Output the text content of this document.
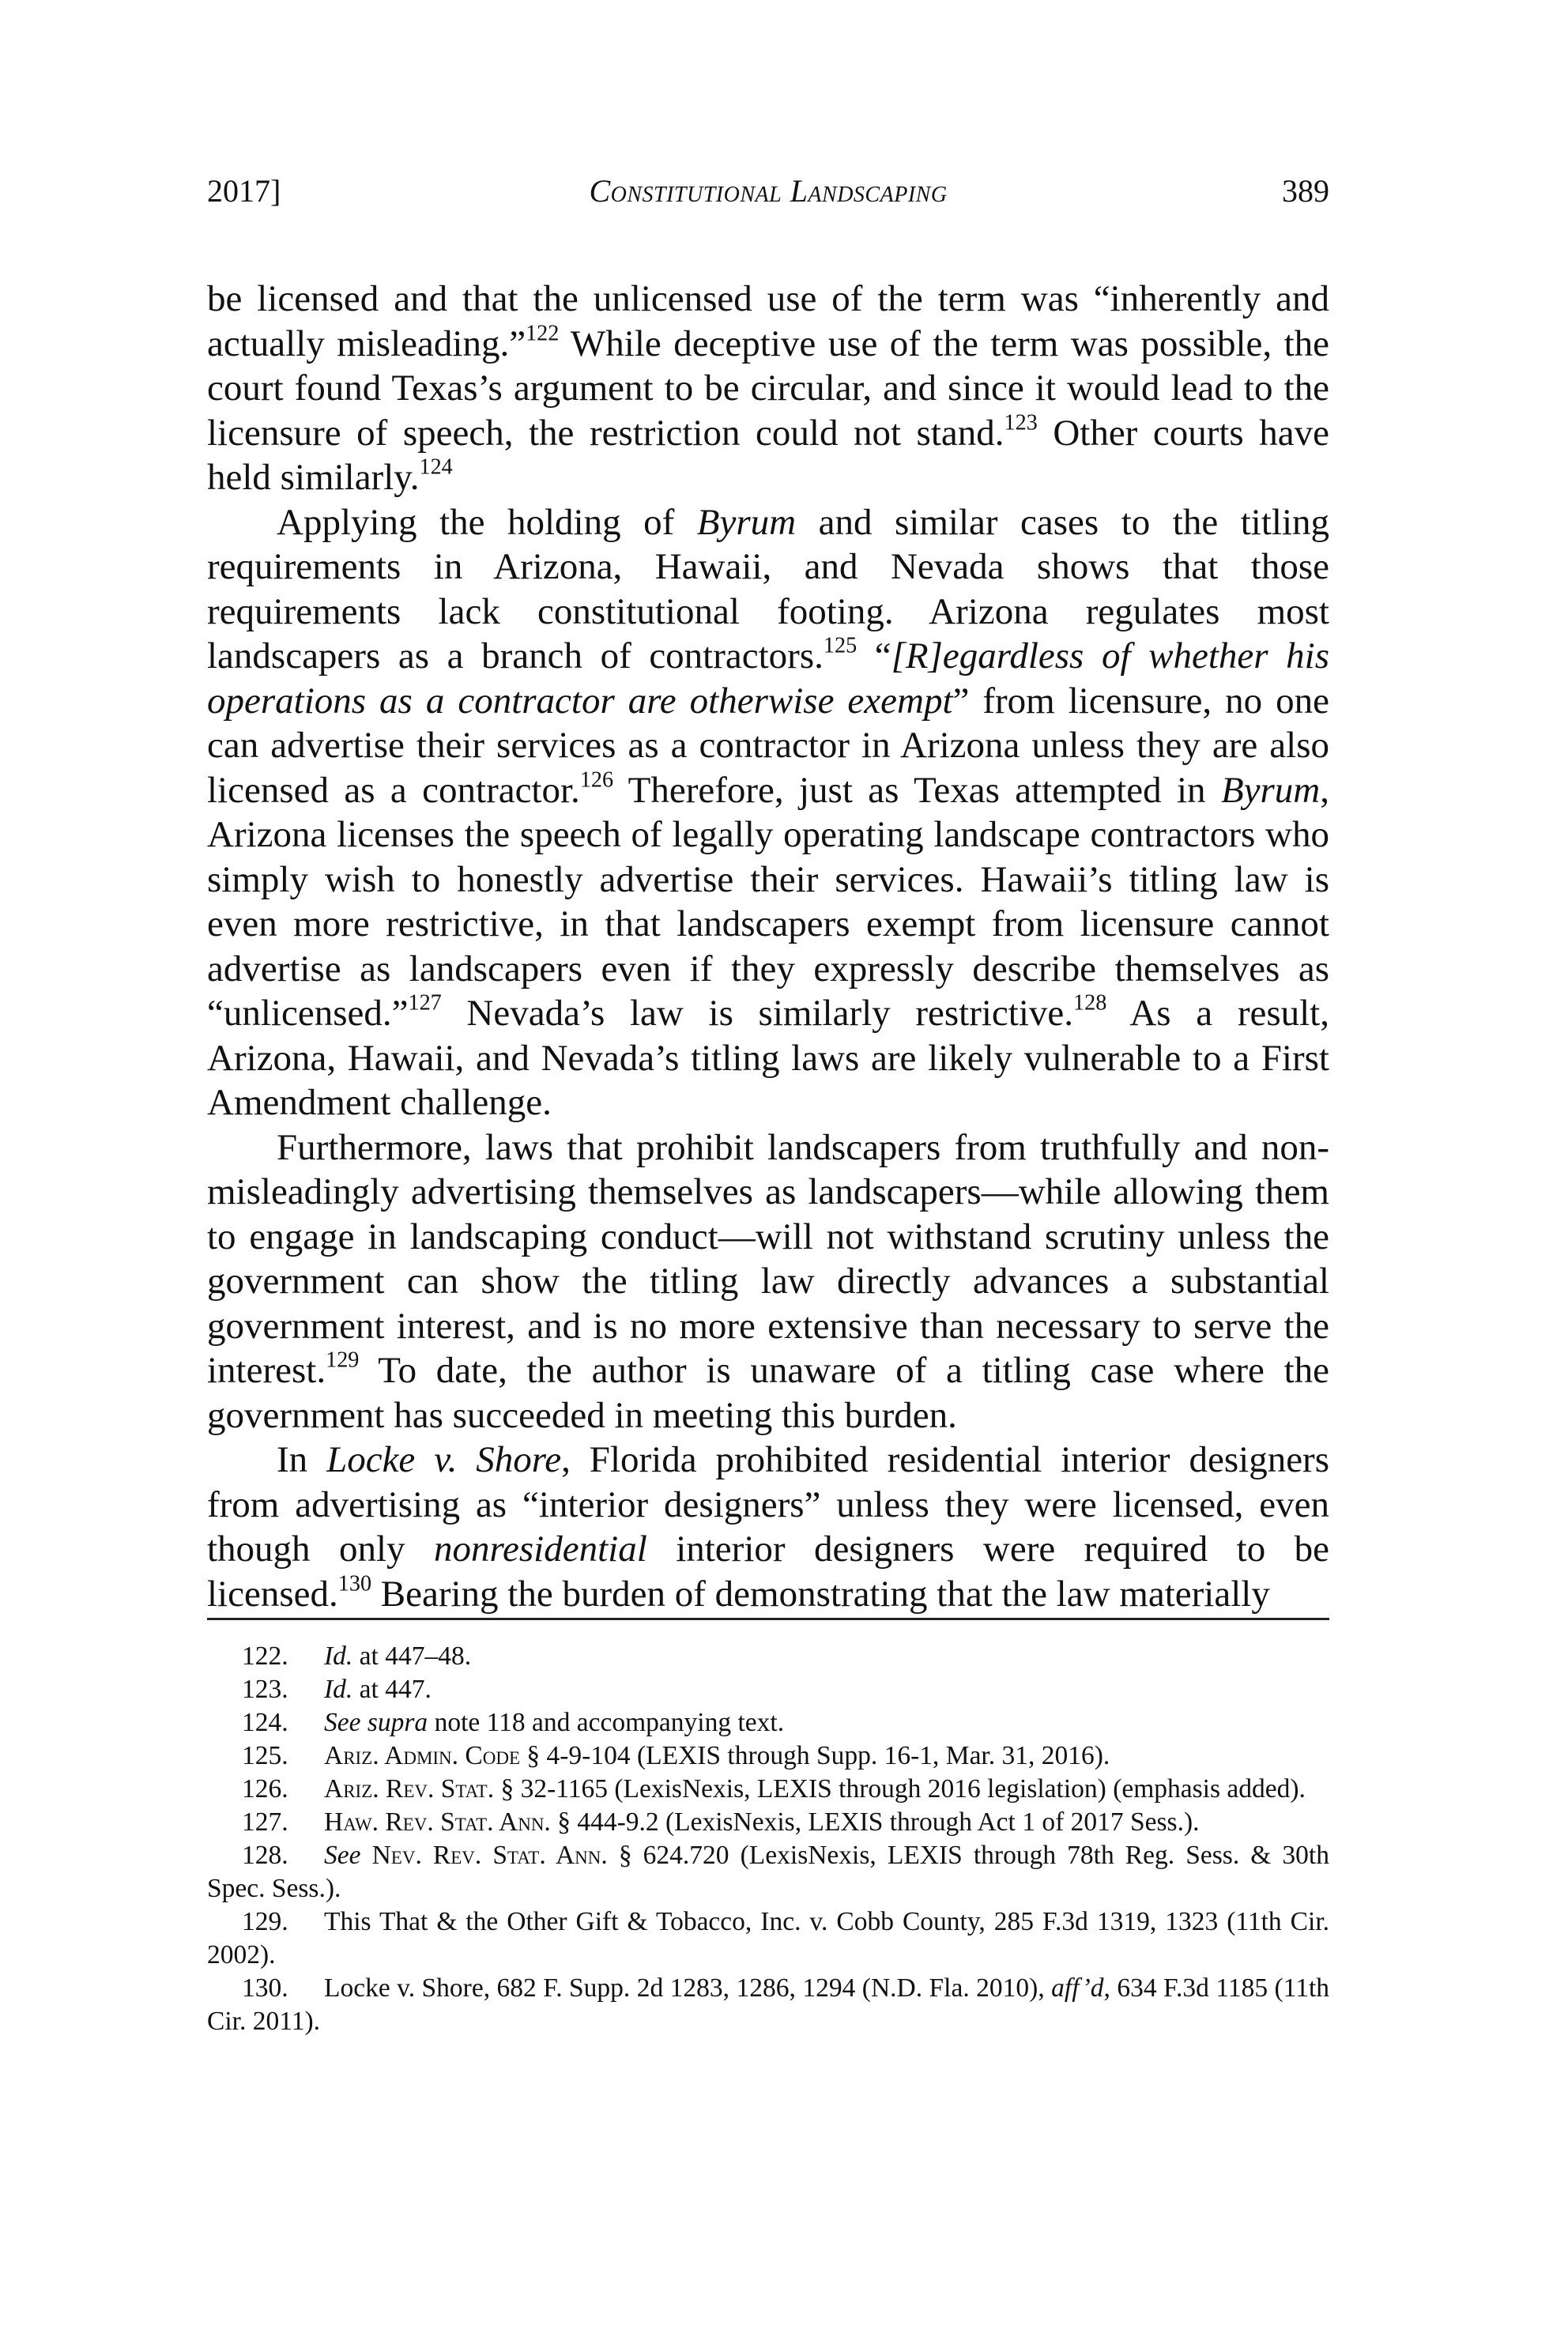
2017]	Constitutional Landscaping	389

be licensed and that the unlicensed use of the term was “inherently and actually misleading.”$^{122}$ While deceptive use of the term was possible, the court found Texas’s argument to be circular, and since it would lead to the licensure of speech, the restriction could not stand.$^{123}$ Other courts have held similarly.$^{124}$

Applying the holding of Byrum and similar cases to the titling requirements in Arizona, Hawaii, and Nevada shows that those requirements lack constitutional footing. Arizona regulates most landscapers as a branch of contractors.$^{125}$ “[R]egardless of whether his operations as a contractor are otherwise exempt” from licensure, no one can advertise their services as a contractor in Arizona unless they are also licensed as a contractor.$^{126}$ Therefore, just as Texas attempted in Byrum, Arizona licenses the speech of legally operating landscape contractors who simply wish to honestly advertise their services. Hawaii’s titling law is even more restrictive, in that landscapers exempt from licensure cannot advertise as landscapers even if they expressly describe themselves as “unlicensed.”$^{127}$ Nevada’s law is similarly restrictive.$^{128}$ As a result, Arizona, Hawaii, and Nevada’s titling laws are likely vulnerable to a First Amendment challenge.

Furthermore, laws that prohibit landscapers from truthfully and non-misleadingly advertising themselves as landscapers—while allowing them to engage in landscaping conduct—will not withstand scrutiny unless the government can show the titling law directly advances a substantial government interest, and is no more extensive than necessary to serve the interest.$^{129}$ To date, the author is unaware of a titling case where the government has succeeded in meeting this burden.

In Locke v. Shore, Florida prohibited residential interior designers from advertising as “interior designers” unless they were licensed, even though only nonresidential interior designers were required to be licensed.$^{130}$ Bearing the burden of demonstrating that the law materially

122. Id. at 447–48.

123. Id. at 447.

124. See supra note 118 and accompanying text.

125. Ariz. Admin. Code § 4-9-104 (LEXIS through Supp. 16-1, Mar. 31, 2016).

126. Ariz. Rev. Stat. § 32-1165 (LexisNexis, LEXIS through 2016 legislation) (emphasis added).

127. Haw. Rev. Stat. Ann. § 444-9.2 (LexisNexis, LEXIS through Act 1 of 2017 Sess.).

128. See Nev. Rev. Stat. Ann. § 624.720 (LexisNexis, LEXIS through 78th Reg. Sess. & 30th Spec. Sess.).

129. This That & the Other Gift & Tobacco, Inc. v. Cobb County, 285 F.3d 1319, 1323 (11th Cir. 2002).

130. Locke v. Shore, 682 F. Supp. 2d 1283, 1286, 1294 (N.D. Fla. 2010), aff’d, 634 F.3d 1185 (11th Cir. 2011).
